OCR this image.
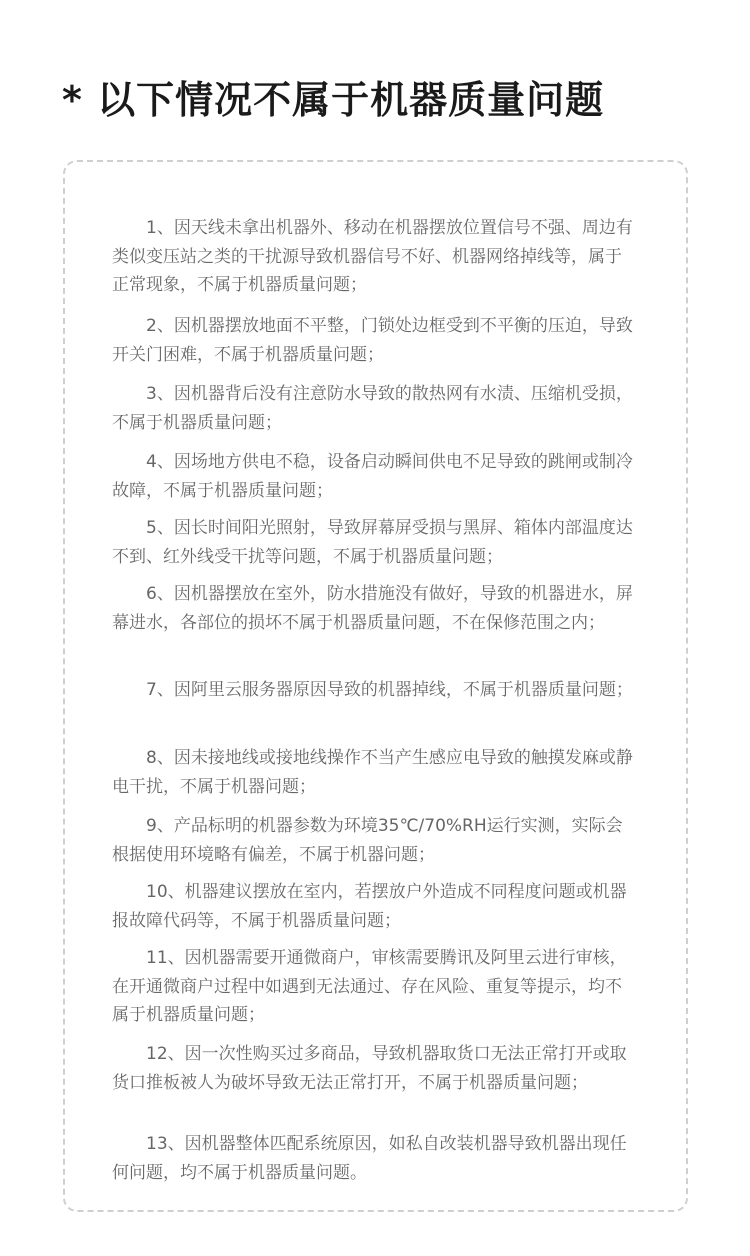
* 以下情况不属于机器质量问题
1、因天线未拿出机器外、移动在机器摆放位置信号不强、周边有类似变压站之类的干扰源导致机器信号不好、机器网络掉线等，属于正常现象，不属于机器质量问题；
2、因机器摆放地面不平整，门锁处边框受到不平衡的压迫，导致开关门困难，不属于机器质量问题；
3、因机器背后没有注意防水导致的散热网有水渍、压缩机受损，不属于机器质量问题；
4、因场地方供电不稳，设备启动瞬间供电不足导致的跳闸或制冷故障，不属于机器质量问题；
5、因长时间阳光照射，导致屏幕屏受损与黑屏、箱体内部温度达不到、红外线受干扰等问题，不属于机器质量问题；
6、因机器摆放在室外，防水措施没有做好，导致的机器进水，屏幕进水，各部位的损坏不属于机器质量问题，不在保修范围之内；
7、因阿里云服务器原因导致的机器掉线，不属于机器质量问题；
8、因未接地线或接地线操作不当产生感应电导致的触摸发麻或静电干扰，不属于机器问题；
9、产品标明的机器参数为环境35℃/70%RH运行实测，实际会根据使用环境略有偏差，不属于机器问题；
10、机器建议摆放在室内，若摆放户外造成不同程度问题或机器报故障代码等，不属于机器质量问题；
11、因机器需要开通微商户，审核需要腾讯及阿里云进行审核，在开通微商户过程中如遇到无法通过、存在风险、重复等提示，均不属于机器质量问题；
12、因一次性购买过多商品，导致机器取货口无法正常打开或取货口推板被人为破坏导致无法正常打开，不属于机器质量问题；
13、因机器整体匹配系统原因，如私自改装机器导致机器出现任何问题，均不属于机器质量问题。
